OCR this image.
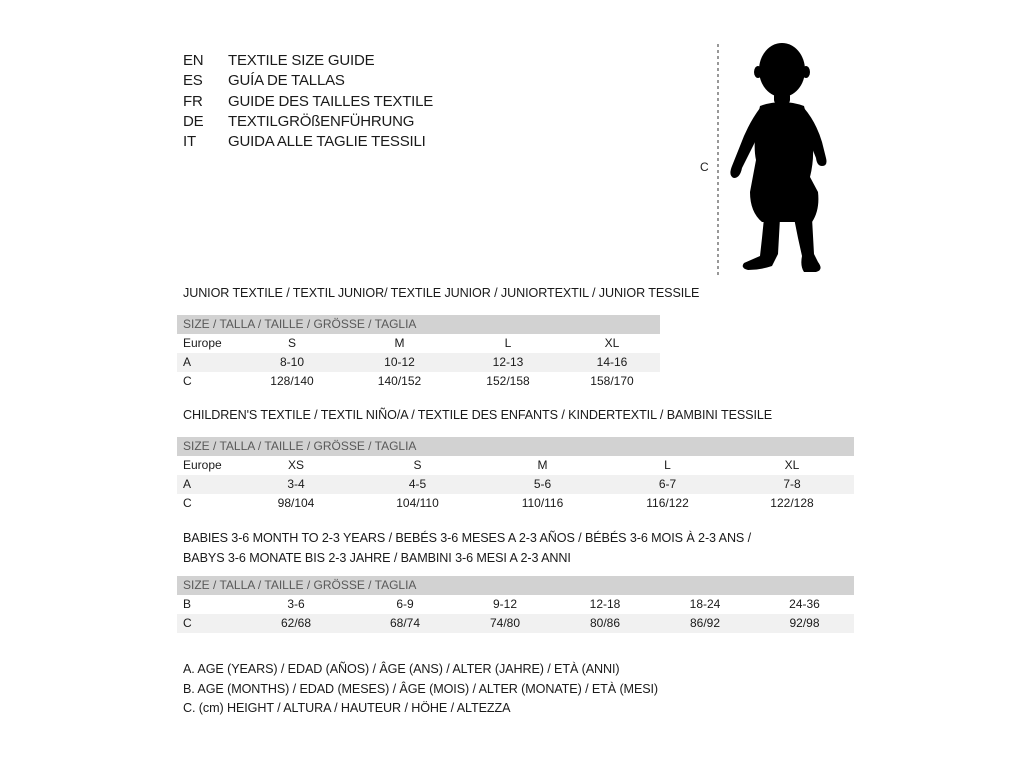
EN	TEXTILE SIZE GUIDE
ES	GUÍA DE TALLAS
FR	GUIDE DES TAILLES TEXTILE
DE	TEXTILGRÖßENFÜHRUNG
IT	GUIDA ALLE TAGLIE TESSILI
C
JUNIOR TEXTILE / TEXTIL JUNIOR/ TEXTILE JUNIOR / JUNIORTEXTIL / JUNIOR TESSILE
SIZE / TALLA / TAILLE / GRÖSSE / TAGLIA
Europe	S	M	L	XL
A	8-10	10-12	12-13	14-16
C	128/140	140/152	152/158	158/170
CHILDREN'S TEXTILE / TEXTIL NIÑO/A / TEXTILE DES ENFANTS / KINDERTEXTIL / BAMBINI TESSILE
SIZE / TALLA / TAILLE / GRÖSSE / TAGLIA
Europe	XS	S	M	L	XL
A	3-4	4-5	5-6	6-7	7-8
C	98/104	104/110	110/116	116/122	122/128
BABIES 3-6 MONTH TO 2-3 YEARS / BEBÉS 3-6 MESES A 2-3 AÑOS / BÉBÉS 3-6 MOIS À 2-3 ANS /
BABYS 3-6 MONATE BIS 2-3 JAHRE / BAMBINI 3-6 MESI A 2-3 ANNI
SIZE / TALLA / TAILLE / GRÖSSE / TAGLIA
B	3-6	6-9	9-12	12-18	18-24	24-36
C	62/68	68/74	74/80	80/86	86/92	92/98
A. AGE (YEARS) / EDAD (AÑOS) / ÂGE (ANS) / ALTER (JAHRE) / ETÀ (ANNI)
B. AGE (MONTHS) / EDAD (MESES) / ÂGE (MOIS) / ALTER (MONATE) / ETÀ (MESI)
C. (cm) HEIGHT / ALTURA / HAUTEUR / HÖHE / ALTEZZA
